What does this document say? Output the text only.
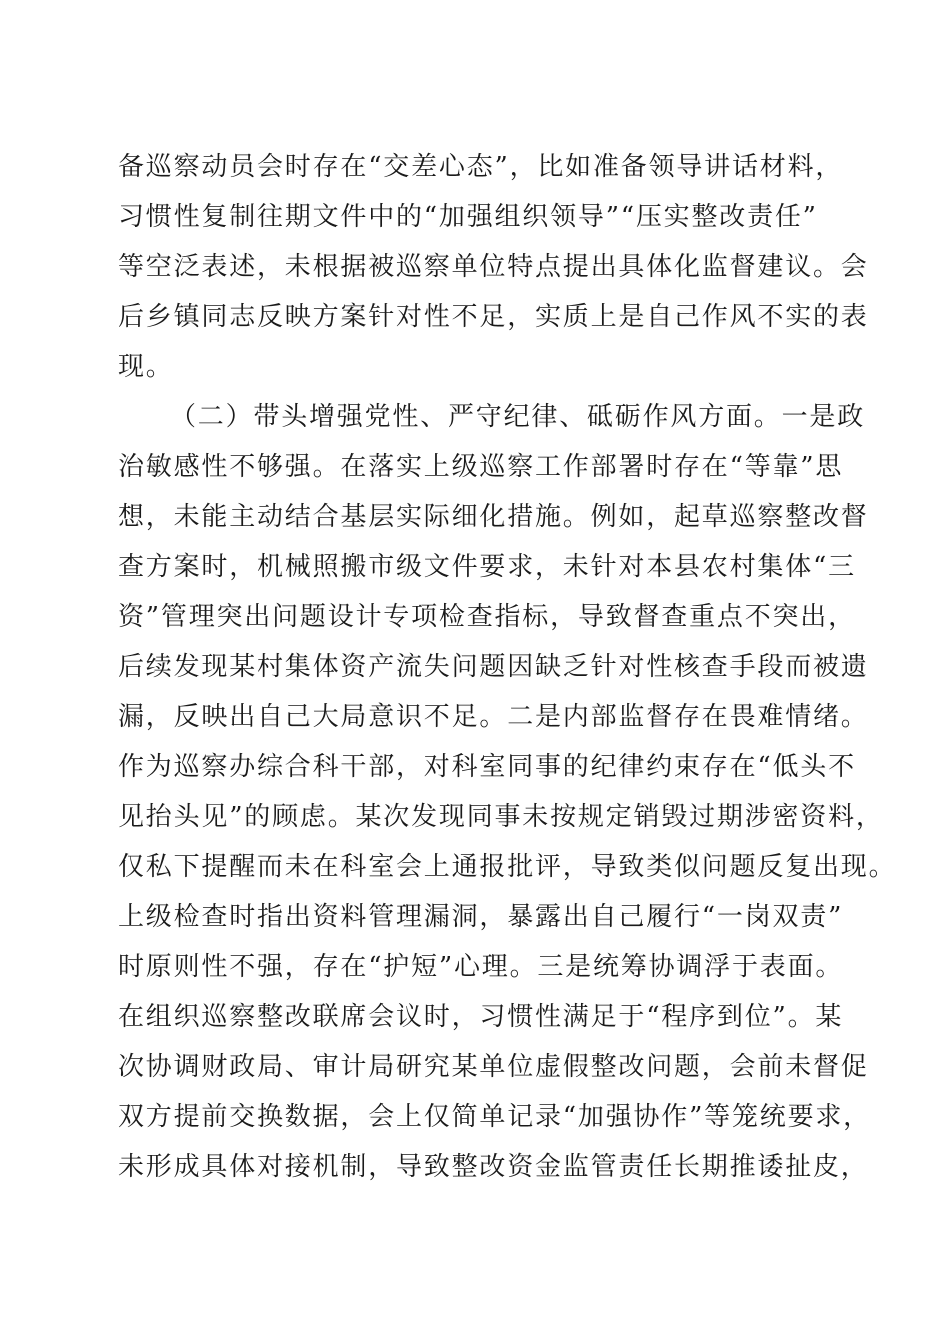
备巡察动员会时存在“交差心态”，比如准备领导讲话材料，
习惯性复制往期文件中的“加强组织领导”“压实整改责任”
等空泛表述，未根据被巡察单位特点提出具体化监督建议。会
后乡镇同志反映方案针对性不足，实质上是自己作风不实的表
现。
（二）带头增强党性、严守纪律、砥砺作风方面。一是政
治敏感性不够强。在落实上级巡察工作部署时存在“等靠”思
想，未能主动结合基层实际细化措施。例如，起草巡察整改督
查方案时，机械照搬市级文件要求，未针对本县农村集体“三
资”管理突出问题设计专项检查指标，导致督查重点不突出，
后续发现某村集体资产流失问题因缺乏针对性核查手段而被遗
漏，反映出自己大局意识不足。二是内部监督存在畏难情绪。
作为巡察办综合科干部，对科室同事的纪律约束存在“低头不
见抬头见”的顾虑。某次发现同事未按规定销毁过期涉密资料，
仅私下提醒而未在科室会上通报批评，导致类似问题反复出现。
上级检查时指出资料管理漏洞，暴露出自己履行“一岗双责”
时原则性不强，存在“护短”心理。三是统筹协调浮于表面。
在组织巡察整改联席会议时，习惯性满足于“程序到位”。某
次协调财政局、审计局研究某单位虚假整改问题，会前未督促
双方提前交换数据，会上仅简单记录“加强协作”等笼统要求，
未形成具体对接机制，导致整改资金监管责任长期推诿扯皮，
